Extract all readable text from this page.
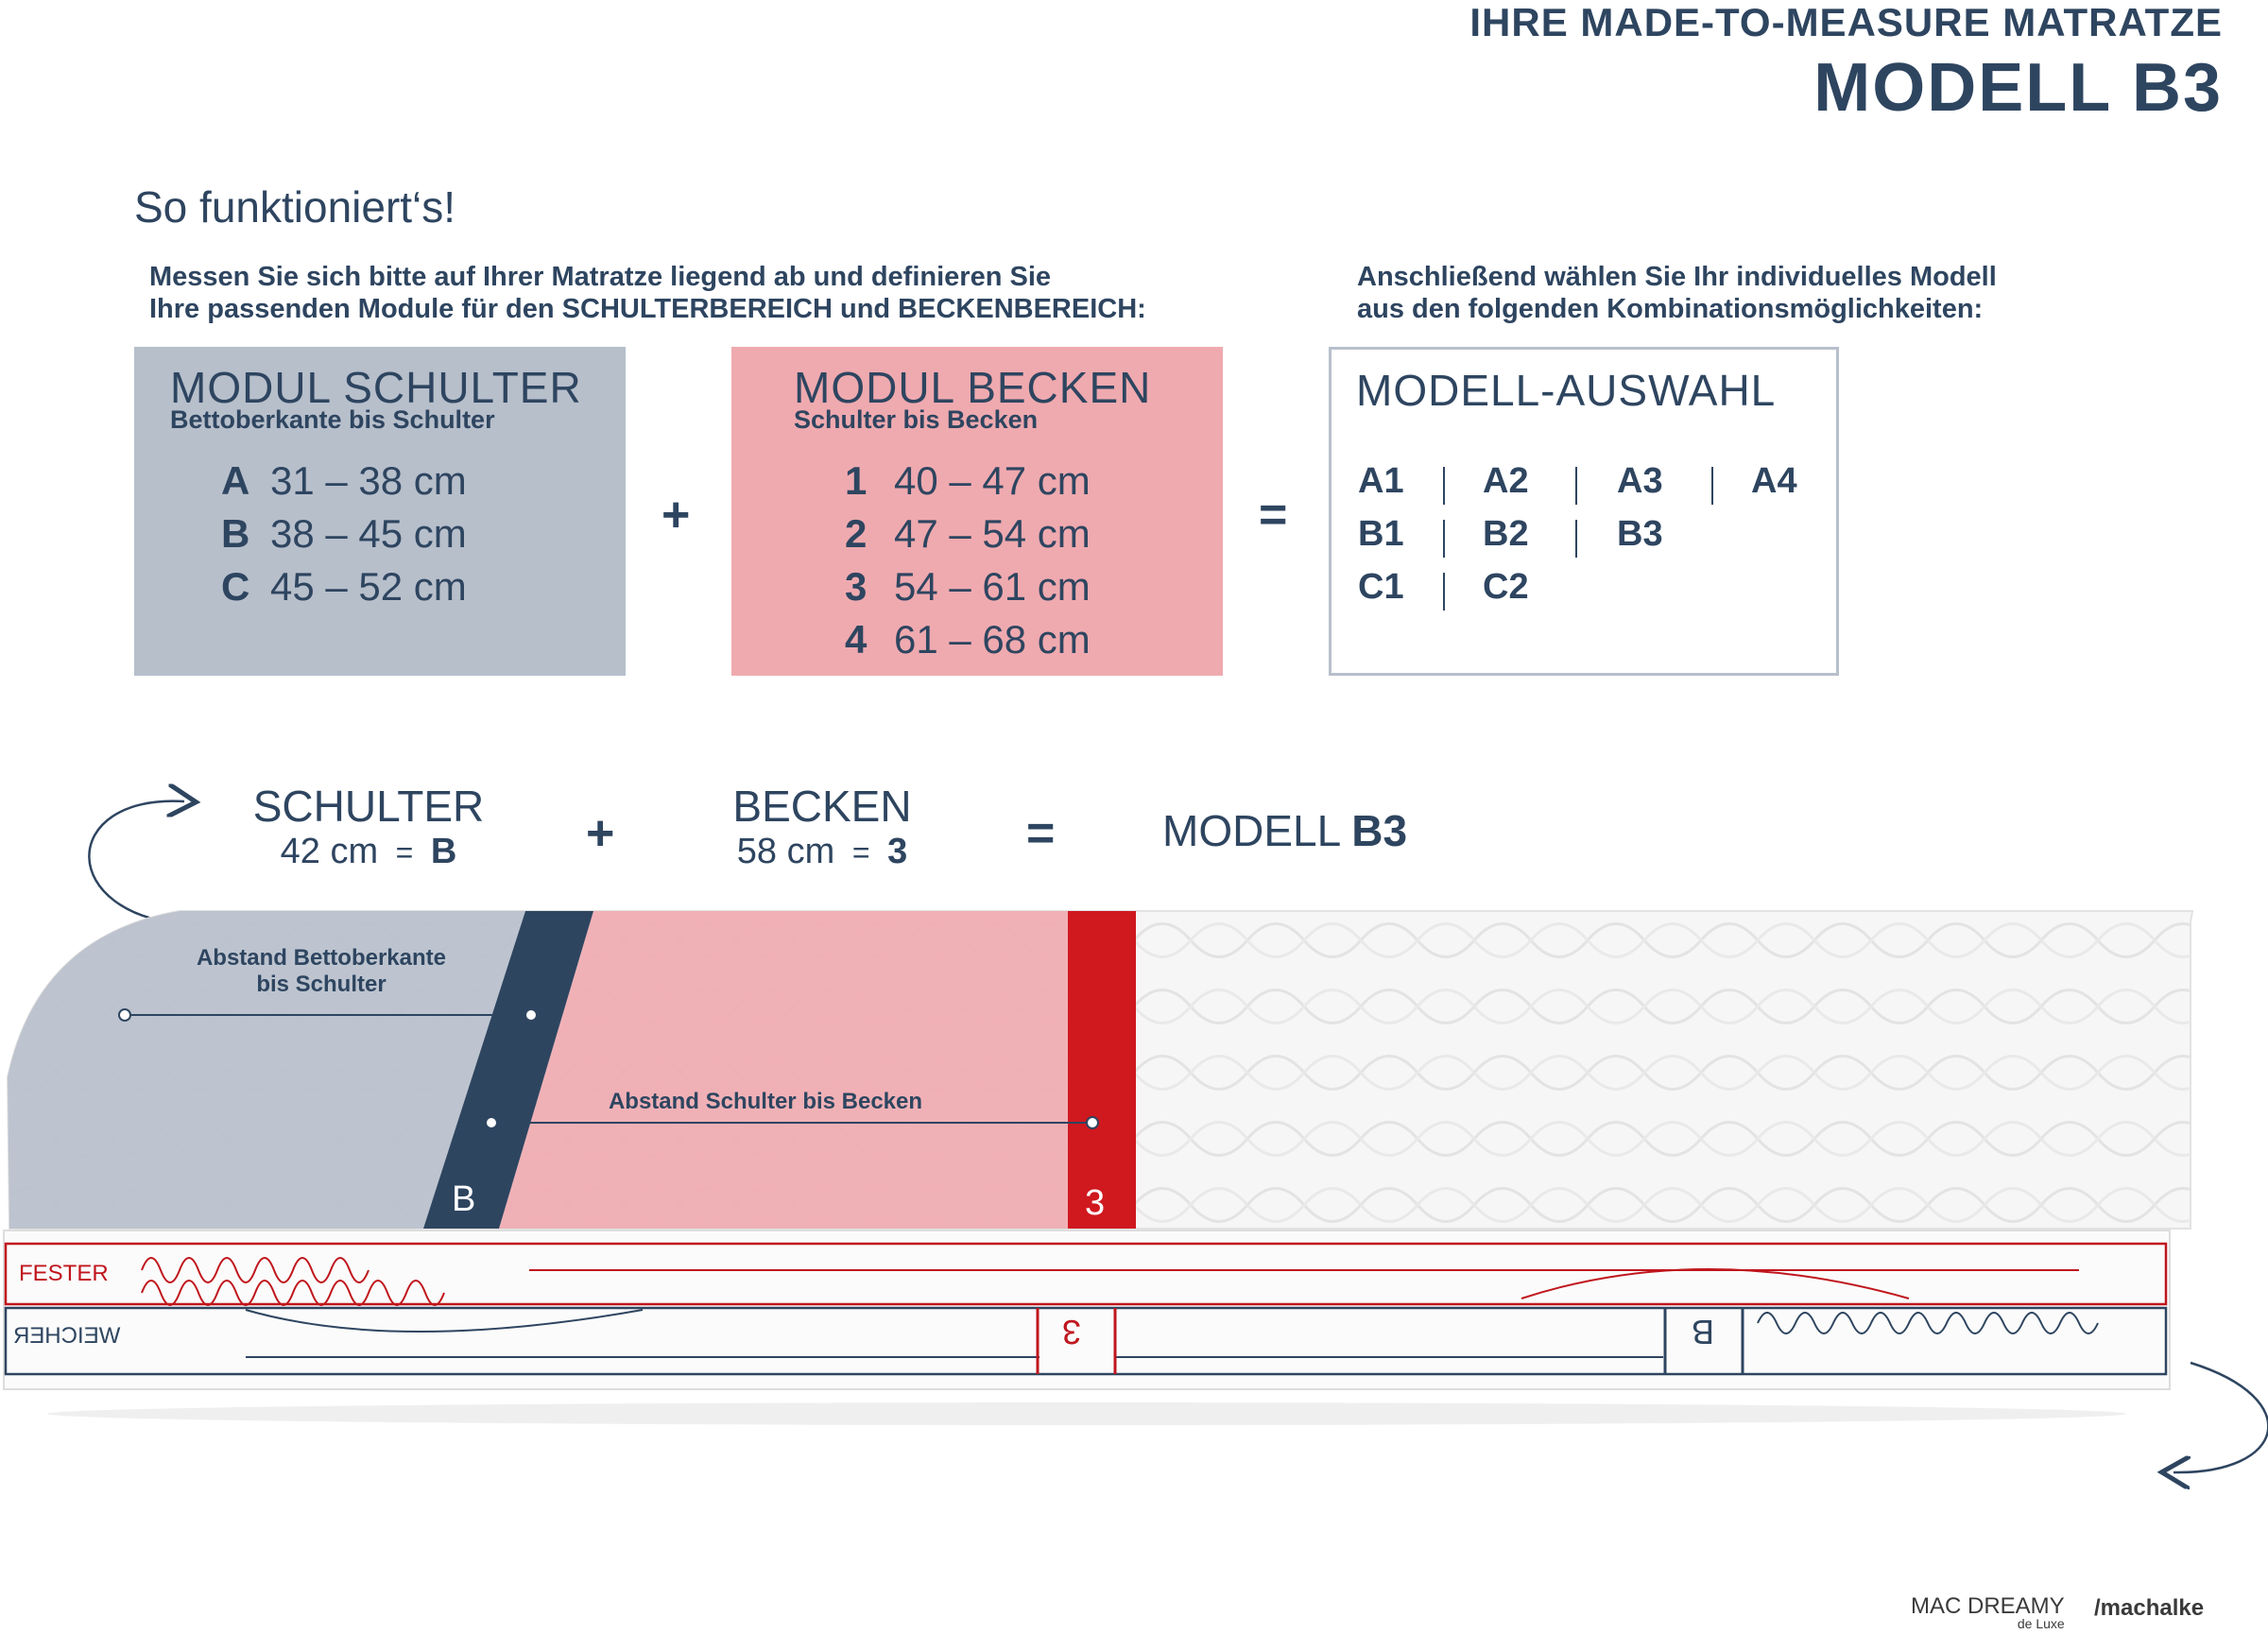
IHRE MADE-TO-MEASURE MATRATZE
MODELL B3
So funktioniert‘s!
Messen Sie sich bitte auf Ihrer Matratze liegend ab und definieren Sie
Ihre passenden Module für den SCHULTERBEREICH und BECKENBEREICH:
Anschließend wählen Sie Ihr individuelles Modell
aus den folgenden Kombinationsmöglichkeiten:
MODUL SCHULTER
Bettoberkante bis Schulter
A 31 – 38 cm
B 38 – 45 cm
C 45 – 52 cm
+
MODUL BECKEN
Schulter bis Becken
1 40 – 47 cm
2 47 – 54 cm
3 54 – 61 cm
4 61 – 68 cm
=
MODELL-AUSWAHL
A1 A2 A3 A4
B1 B2 B3
C1 C2
SCHULTER
42 cm = B	+	BECKEN
58 cm = 3	= MODELL B3
Abstand Bettoberkante
bis Schulter
Abstand Schulter bis Becken
B	3
FESTER
WEICHER	3	B
MAC DREAMY
de Luxe
/machalke
